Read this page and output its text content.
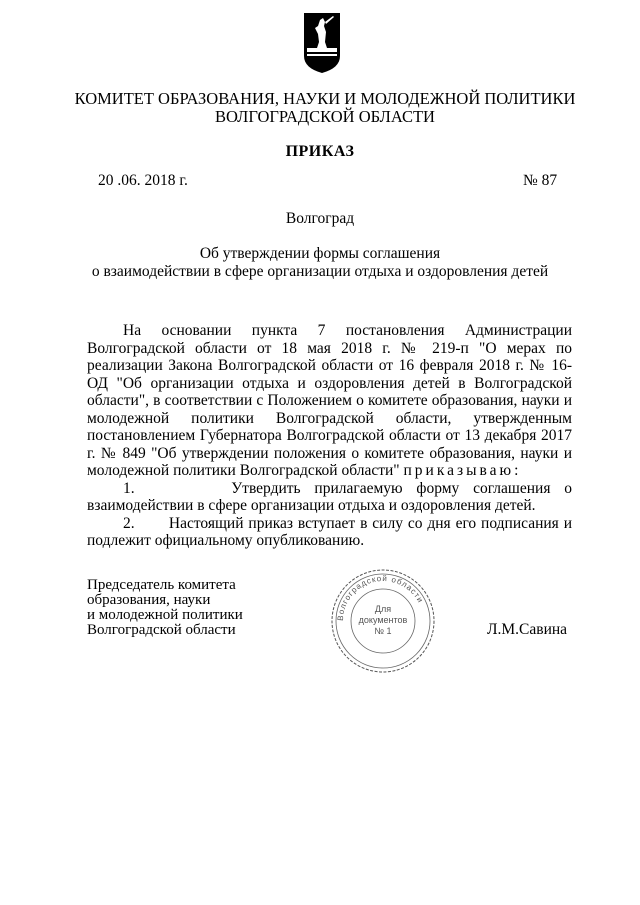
КОМИТЕТ ОБРАЗОВАНИЯ, НАУКИ И МОЛОДЕЖНОЙ ПОЛИТИКИ
ВОЛГОГРАДСКОЙ ОБЛАСТИ
ПРИКАЗ
20 .06. 2018 г.	№ 87
Волгоград
Об утверждении формы соглашения
о взаимодействии в сфере организации отдыха и оздоровления детей

На основании пункта 7 постановления Администрации Волгоградской области от 18 мая 2018 г. № 219-п "О мерах по реализации Закона Волгоградской области от 16 февраля 2018 г. № 16-ОД "Об организации отдыха и оздоровления детей в Волгоградской области", в соответствии с Положением о комитете образования, науки и молодежной политики Волгоградской области, утвержденным постановлением Губернатора Волгоградской области от 13 декабря 2017 г. № 849 "Об утверждении положения о комитете образования, науки и молодежной политики Волгоградской области" приказываю:

1.	Утвердить прилагаемую форму соглашения о взаимодействии в сфере организации отдыха и оздоровления детей.

2. Настоящий приказ вступает в силу со дня его подписания и подлежит официальному опубликованию.

Председатель комитета
образования, науки
и молодежной политики
Волгоградской области
Волгоградской области
Для
документов
№ 1	Л.М.Савина
